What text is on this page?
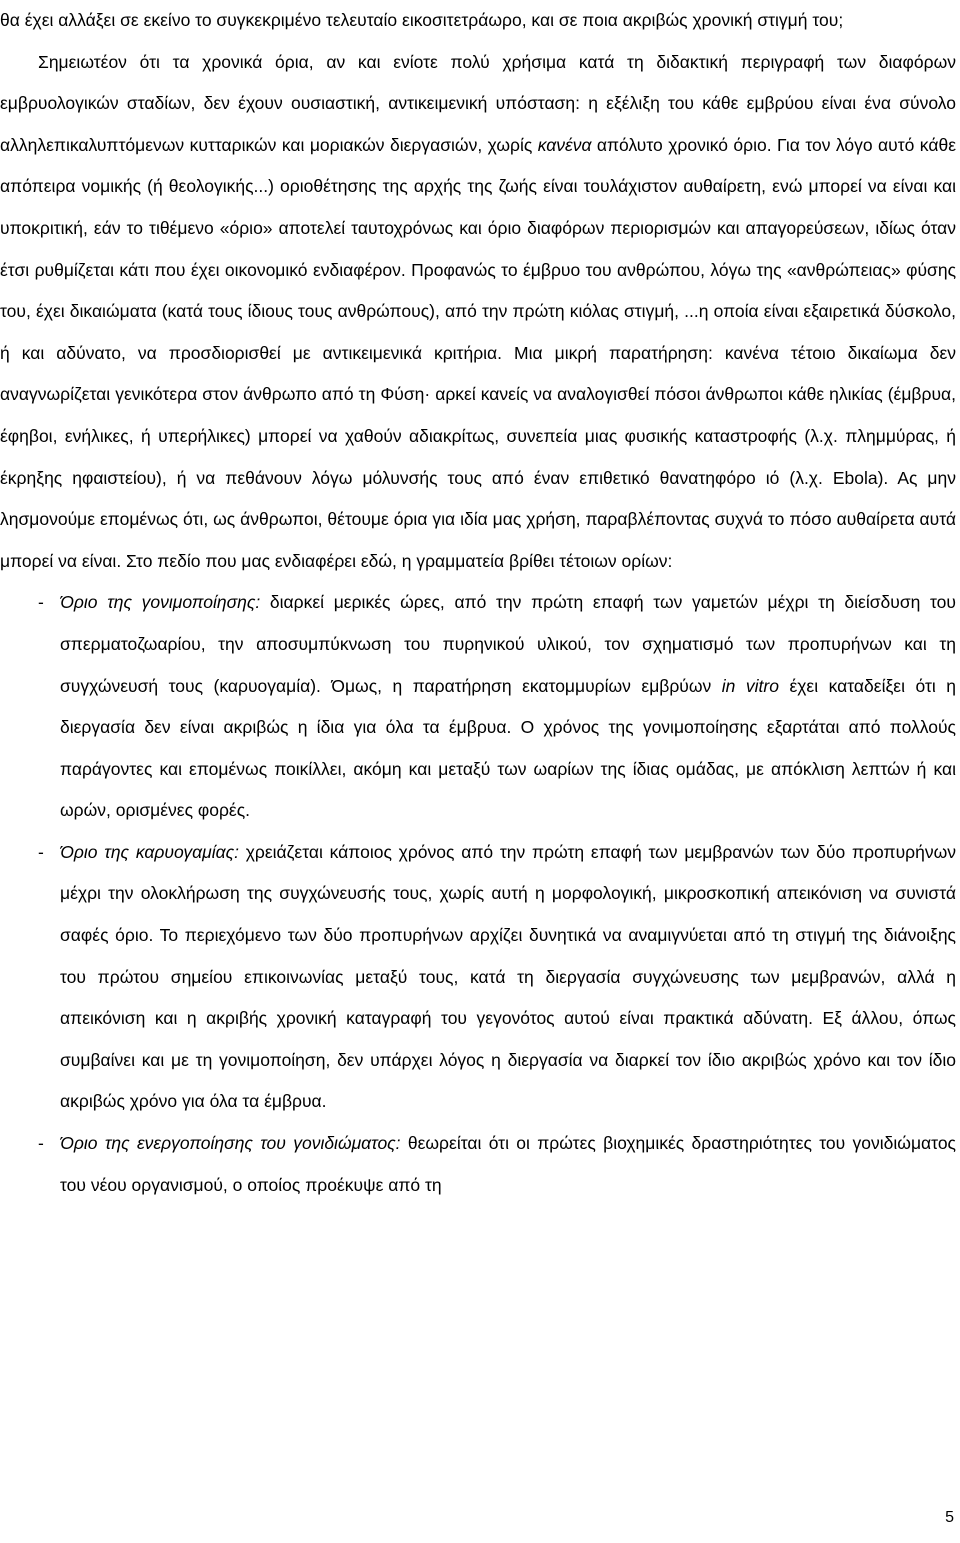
θα έχει αλλάξει σε εκείνο το συγκεκριμένο τελευταίο εικοσιτετράωρο, και σε ποια ακριβώς χρονική στιγμή του;

Σημειωτέον ότι τα χρονικά όρια, αν και ενίοτε πολύ χρήσιμα κατά τη διδακτική περιγραφή των διαφόρων εμβρυολογικών σταδίων, δεν έχουν ουσιαστική, αντικειμενική υπόσταση: η εξέλιξη του κάθε εμβρύου είναι ένα σύνολο αλληλεπικαλυπτόμενων κυτταρικών και μοριακών διεργασιών, χωρίς κανένα απόλυτο χρονικό όριο. Για τον λόγο αυτό κάθε απόπειρα νομικής (ή θεολογικής...) οριοθέτησης της αρχής της ζωής είναι τουλάχιστον αυθαίρετη, ενώ μπορεί να είναι και υποκριτική, εάν το τιθέμενο «όριο» αποτελεί ταυτοχρόνως και όριο διαφόρων περιορισμών και απαγορεύσεων, ιδίως όταν έτσι ρυθμίζεται κάτι που έχει οικονομικό ενδιαφέρον. Προφανώς το έμβρυο του ανθρώπου, λόγω της «ανθρώπειας» φύσης του, έχει δικαιώματα (κατά τους ίδιους τους ανθρώπους), από την πρώτη κιόλας στιγμή, ...η οποία είναι εξαιρετικά δύσκολο, ή και αδύνατο, να προσδιορισθεί με αντικειμενικά κριτήρια. Μια μικρή παρατήρηση: κανένα τέτοιο δικαίωμα δεν αναγνωρίζεται γενικότερα στον άνθρωπο από τη Φύση· αρκεί κανείς να αναλογισθεί πόσοι άνθρωποι κάθε ηλικίας (έμβρυα, έφηβοι, ενήλικες, ή υπερήλικες) μπορεί να χαθούν αδιακρίτως, συνεπεία μιας φυσικής καταστροφής (λ.χ. πλημμύρας, ή έκρηξης ηφαιστείου), ή να πεθάνουν λόγω μόλυνσής τους από έναν επιθετικό θανατηφόρο ιό (λ.χ. Ebola). Ας μην λησμονούμε επομένως ότι, ως άνθρωποι, θέτουμε όρια για ιδία μας χρήση, παραβλέποντας συχνά το πόσο αυθαίρετα αυτά μπορεί να είναι. Στο πεδίο που μας ενδιαφέρει εδώ, η γραμματεία βρίθει τέτοιων ορίων:

- Όριο της γονιμοποίησης: διαρκεί μερικές ώρες, από την πρώτη επαφή των γαμετών μέχρι τη διείσδυση του σπερματοζωαρίου, την αποσυμπύκνωση του πυρηνικού υλικού, τον σχηματισμό των προπυρήνων και τη συγχώνευσή τους (καρυογαμία). Όμως, η παρατήρηση εκατομμυρίων εμβρύων in vitro έχει καταδείξει ότι η διεργασία δεν είναι ακριβώς η ίδια για όλα τα έμβρυα. Ο χρόνος της γονιμοποίησης εξαρτάται από πολλούς παράγοντες και επομένως ποικίλλει, ακόμη και μεταξύ των ωαρίων της ίδιας ομάδας, με απόκλιση λεπτών ή και ωρών, ορισμένες φορές.

- Όριο της καρυογαμίας: χρειάζεται κάποιος χρόνος από την πρώτη επαφή των μεμβρανών των δύο προπυρήνων μέχρι την ολοκλήρωση της συγχώνευσής τους, χωρίς αυτή η μορφολογική, μικροσκοπική απεικόνιση να συνιστά σαφές όριο. Το περιεχόμενο των δύο προπυρήνων αρχίζει δυνητικά να αναμιγνύεται από τη στιγμή της διάνοιξης του πρώτου σημείου επικοινωνίας μεταξύ τους, κατά τη διεργασία συγχώνευσης των μεμβρανών, αλλά η απεικόνιση και η ακριβής χρονική καταγραφή του γεγονότος αυτού είναι πρακτικά αδύνατη. Εξ άλλου, όπως συμβαίνει και με τη γονιμοποίηση, δεν υπάρχει λόγος η διεργασία να διαρκεί τον ίδιο ακριβώς χρόνο και τον ίδιο ακριβώς χρόνο για όλα τα έμβρυα.

- Όριο της ενεργοποίησης του γονιδιώματος: θεωρείται ότι οι πρώτες βιοχημικές δραστηριότητες του γονιδιώματος του νέου οργανισμού, ο οποίος προέκυψε από τη

5
